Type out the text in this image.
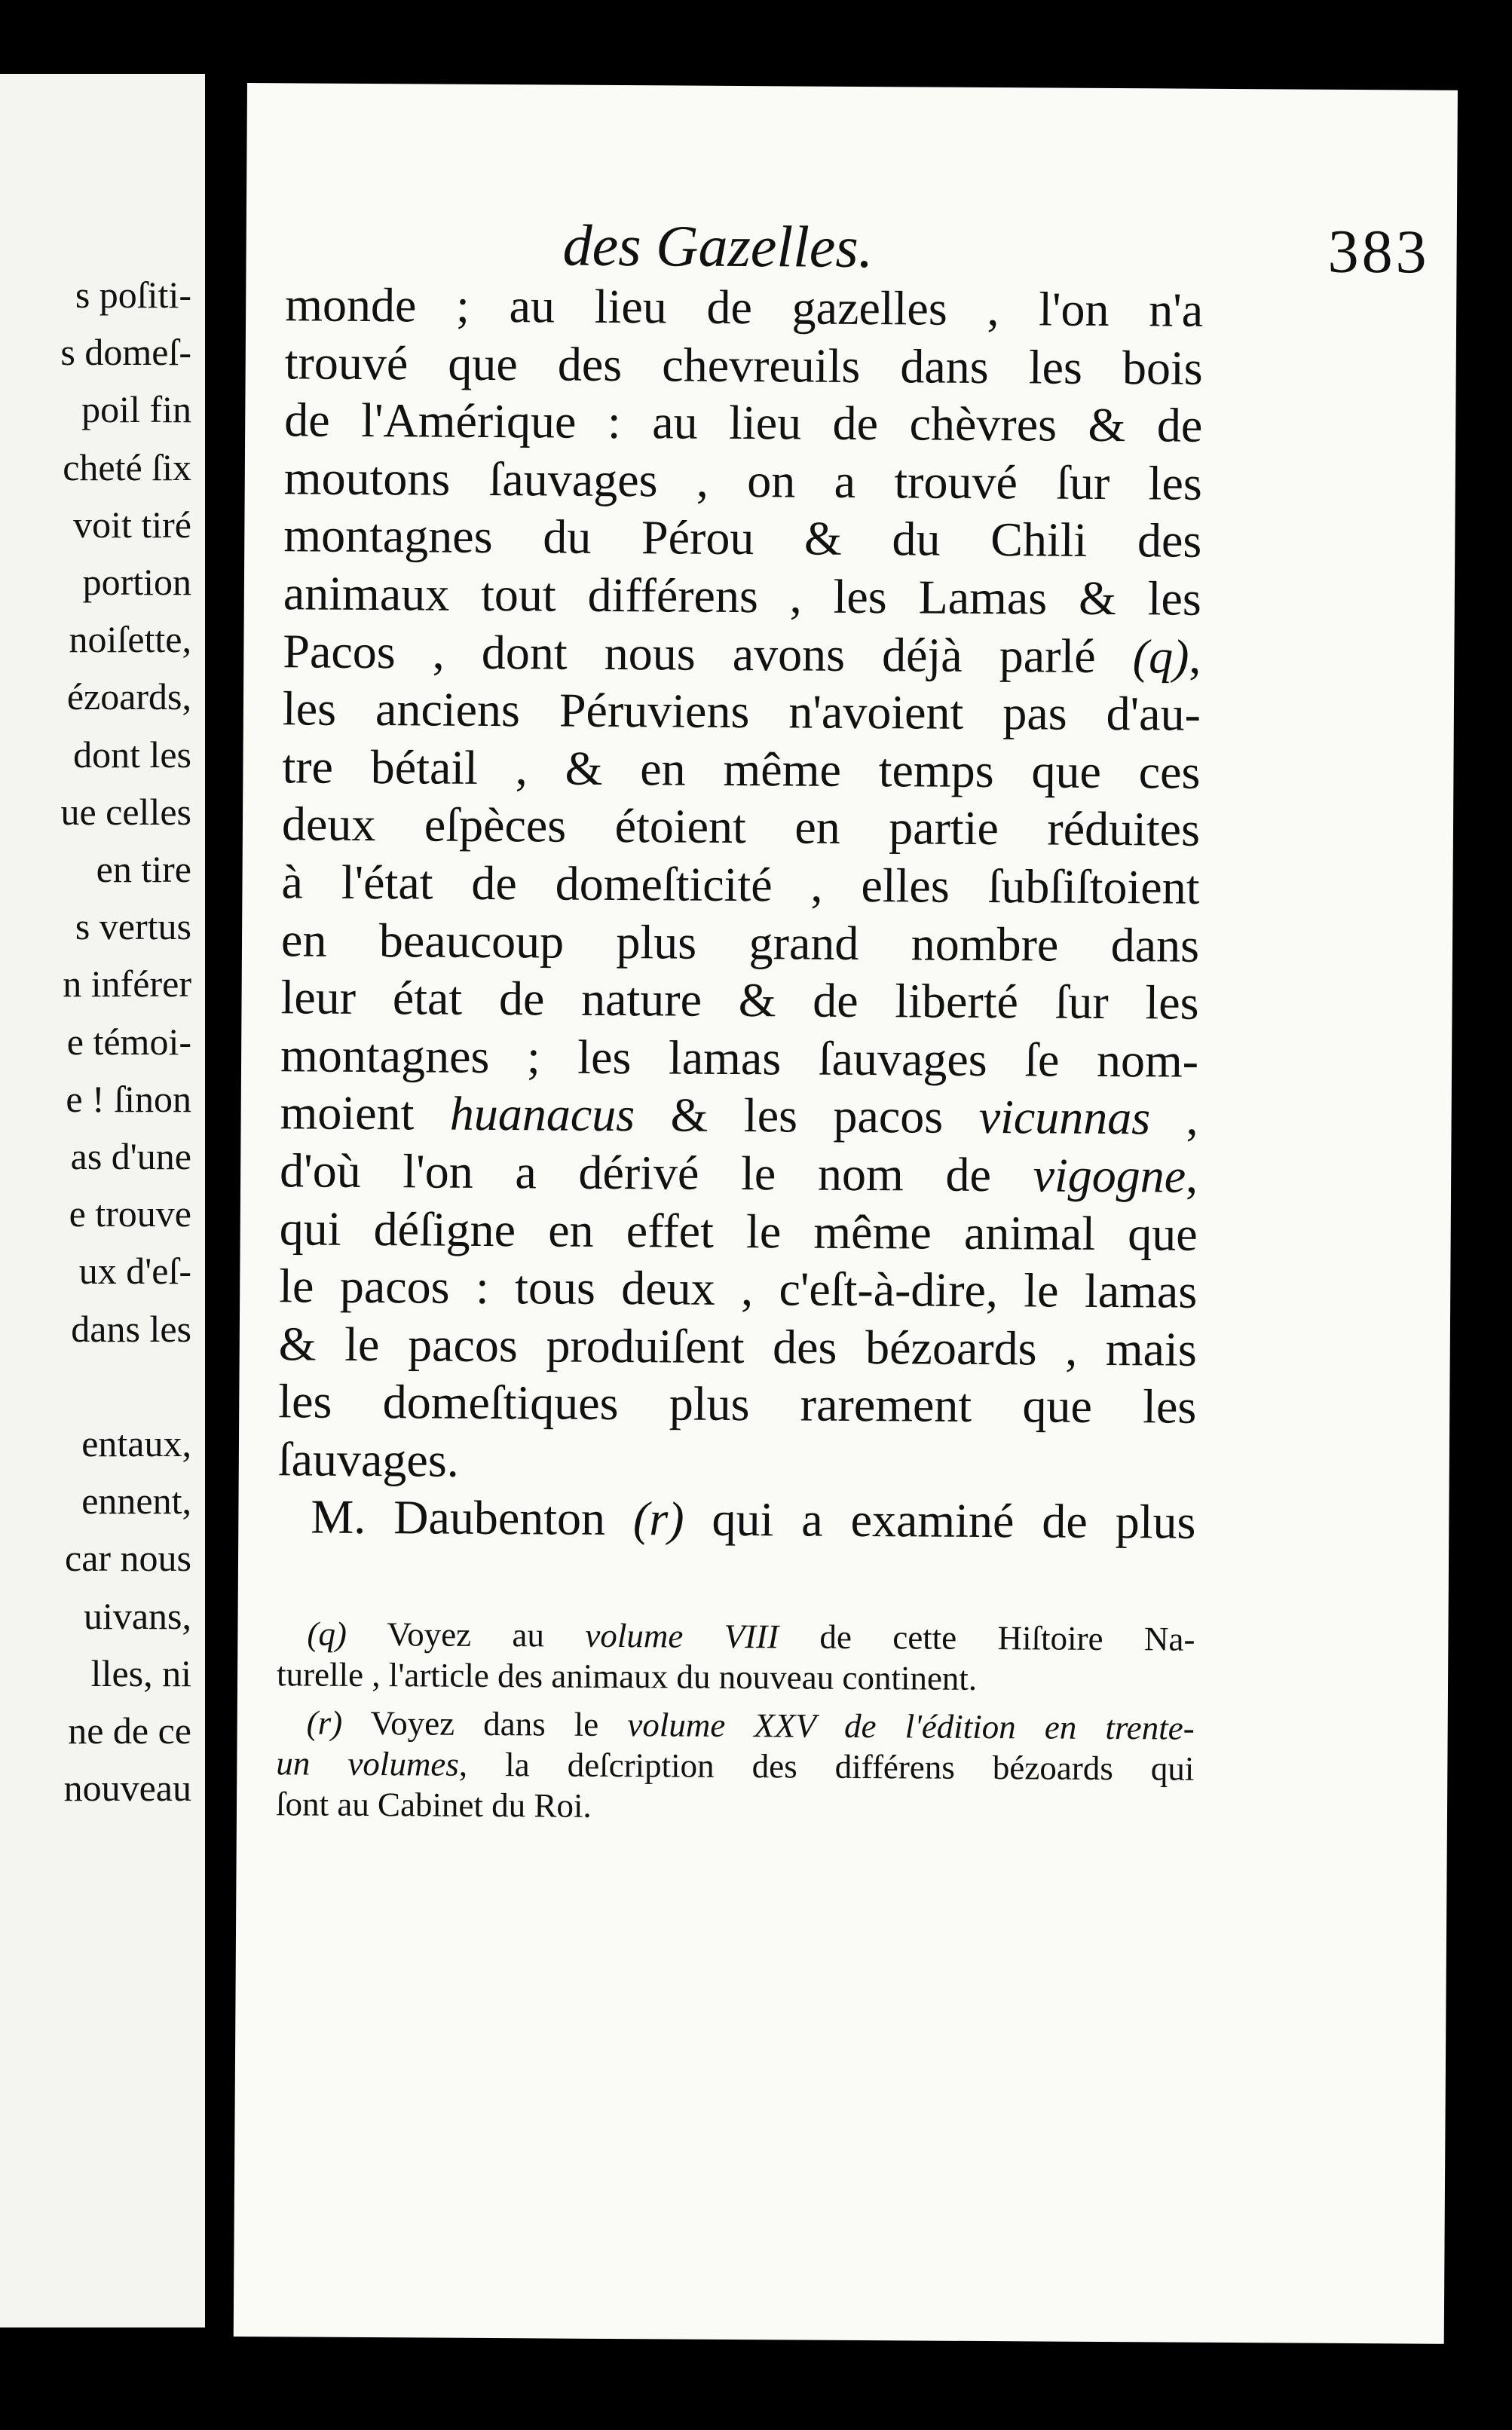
s poſiti-
s domeſ-
poil fin
cheté ſix
voit tiré
portion
noiſette,
ézoards,
dont les
ue celles
en tire
s vertus
n inférer
e témoi-
e ! ſinon
as d'une
e trouve
ux d'eſ-
dans les
entaux,
ennent,
car nous
uivans,
lles, ni
ne de ce
nouveau
des Gazelles.	383
monde ; au lieu de gazelles , l'on n'a
trouvé que des chevreuils dans les bois
de l'Amérique : au lieu de chèvres & de
moutons ſauvages , on a trouvé ſur les
montagnes du Pérou & du Chili des
animaux tout différens , les Lamas & les
Pacos , dont nous avons déjà parlé (q),
les anciens Péruviens n'avoient pas d'au-
tre bétail , & en même temps que ces
deux eſpèces étoient en partie réduites
à l'état de domeſticité , elles ſubſiſtoient
en beaucoup plus grand nombre dans
leur état de nature & de liberté ſur les
montagnes ; les lamas ſauvages ſe nom-
moient huanacus & les pacos vicunnas ,
d'où l'on a dérivé le nom de vigogne,
qui déſigne en effet le même animal que
le pacos : tous deux , c'eſt-à-dire, le lamas
& le pacos produiſent des bézoards , mais
les domeſtiques plus rarement que les
ſauvages.
M. Daubenton (r) qui a examiné de plus
(q) Voyez au volume VIII de cette Hiſtoire Na-
turelle , l'article des animaux du nouveau continent.
(r) Voyez dans le volume XXV de l'édition en trente-
un volumes, la deſcription des différens bézoards qui
ſont au Cabinet du Roi.
